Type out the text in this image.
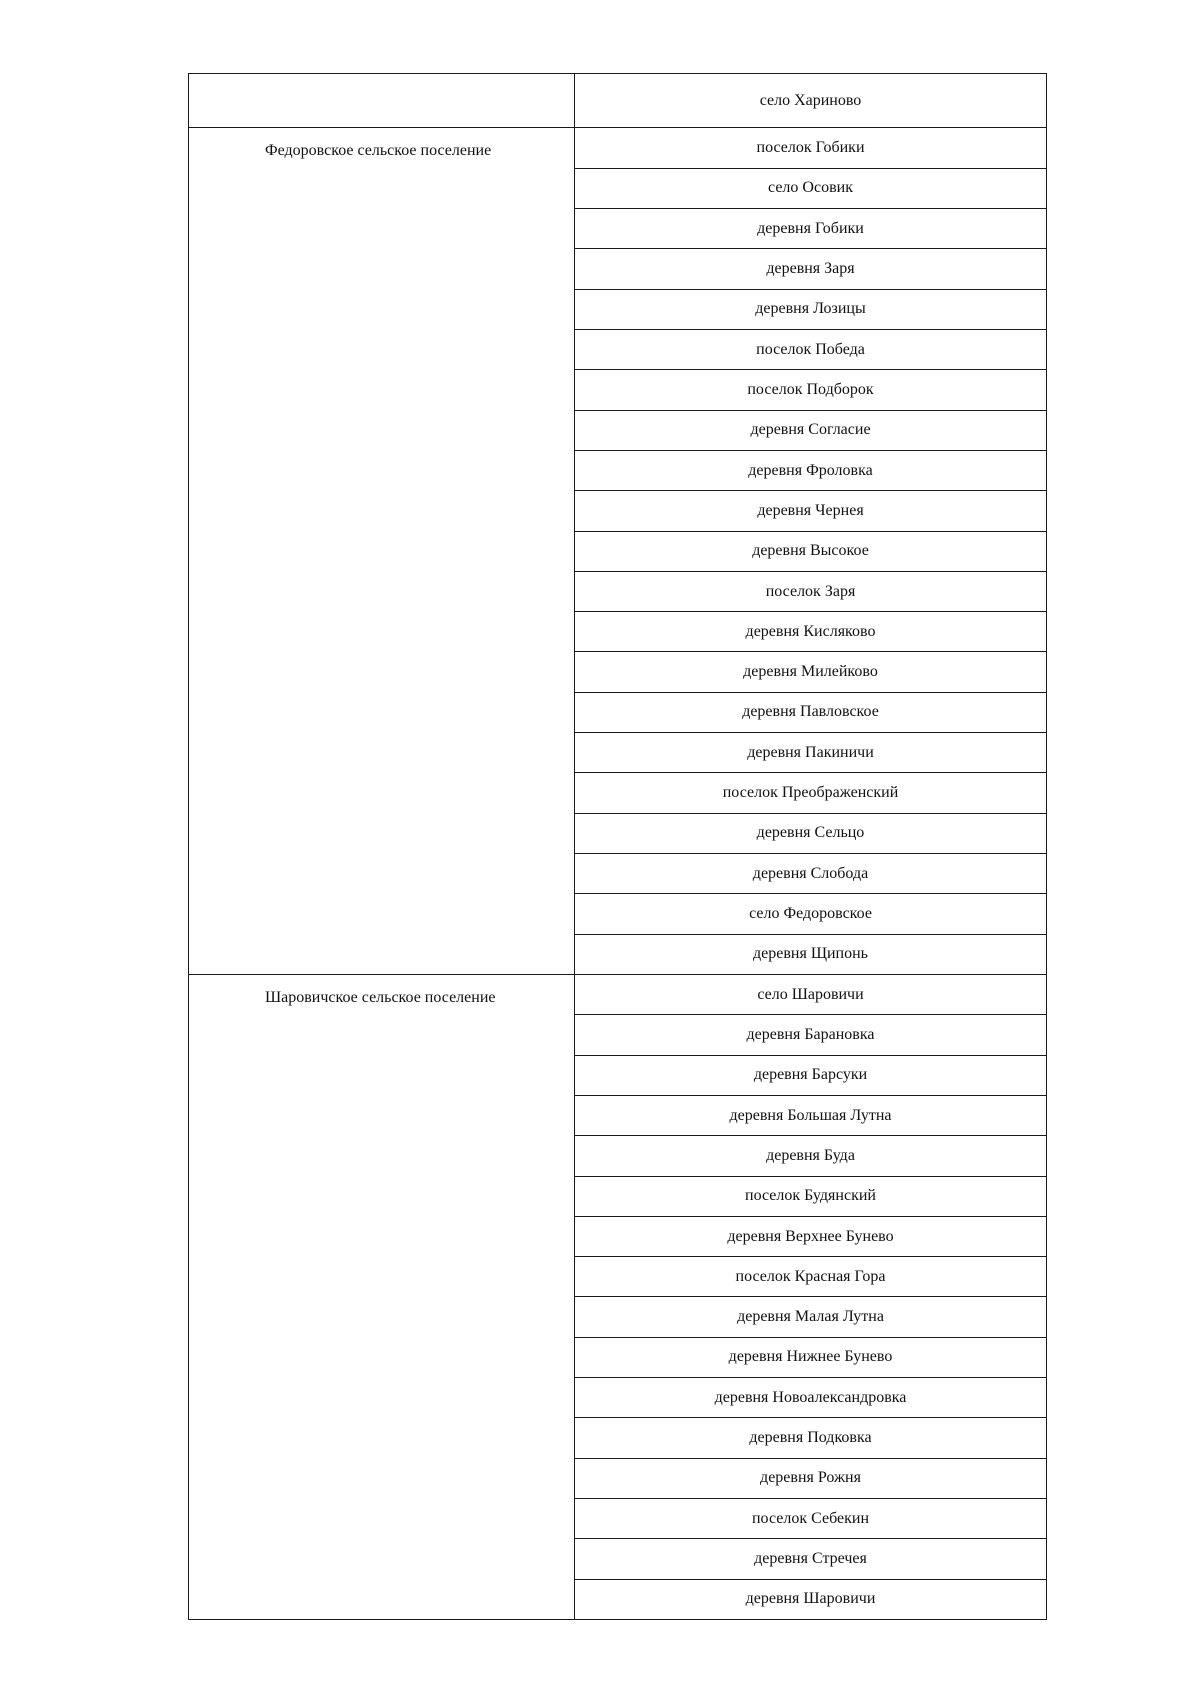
	село Хариново
Федоровское сельское поселение	поселок Гобики
	село Осовик
	деревня Гобики
	деревня Заря
	деревня Лозицы
	поселок Победа
	поселок Подборок
	деревня Согласие
	деревня Фроловка
	деревня Чернея
	деревня Высокое
	поселок Заря
	деревня Кисляково
	деревня Милейково
	деревня Павловское
	деревня Пакиничи
	поселок Преображенский
	деревня Сельцо
	деревня Слобода
	село Федоровское
	деревня Щипонь
Шаровичское сельское поселение	село Шаровичи
	деревня Барановка
	деревня Барсуки
	деревня Большая Лутна
	деревня Буда
	поселок Будянский
	деревня Верхнее Бунево
	поселок Красная Гора
	деревня Малая Лутна
	деревня Нижнее Бунево
	деревня Новоалександровка
	деревня Подковка
	деревня Рожня
	поселок Себекин
	деревня Стречея
	деревня Шаровичи
